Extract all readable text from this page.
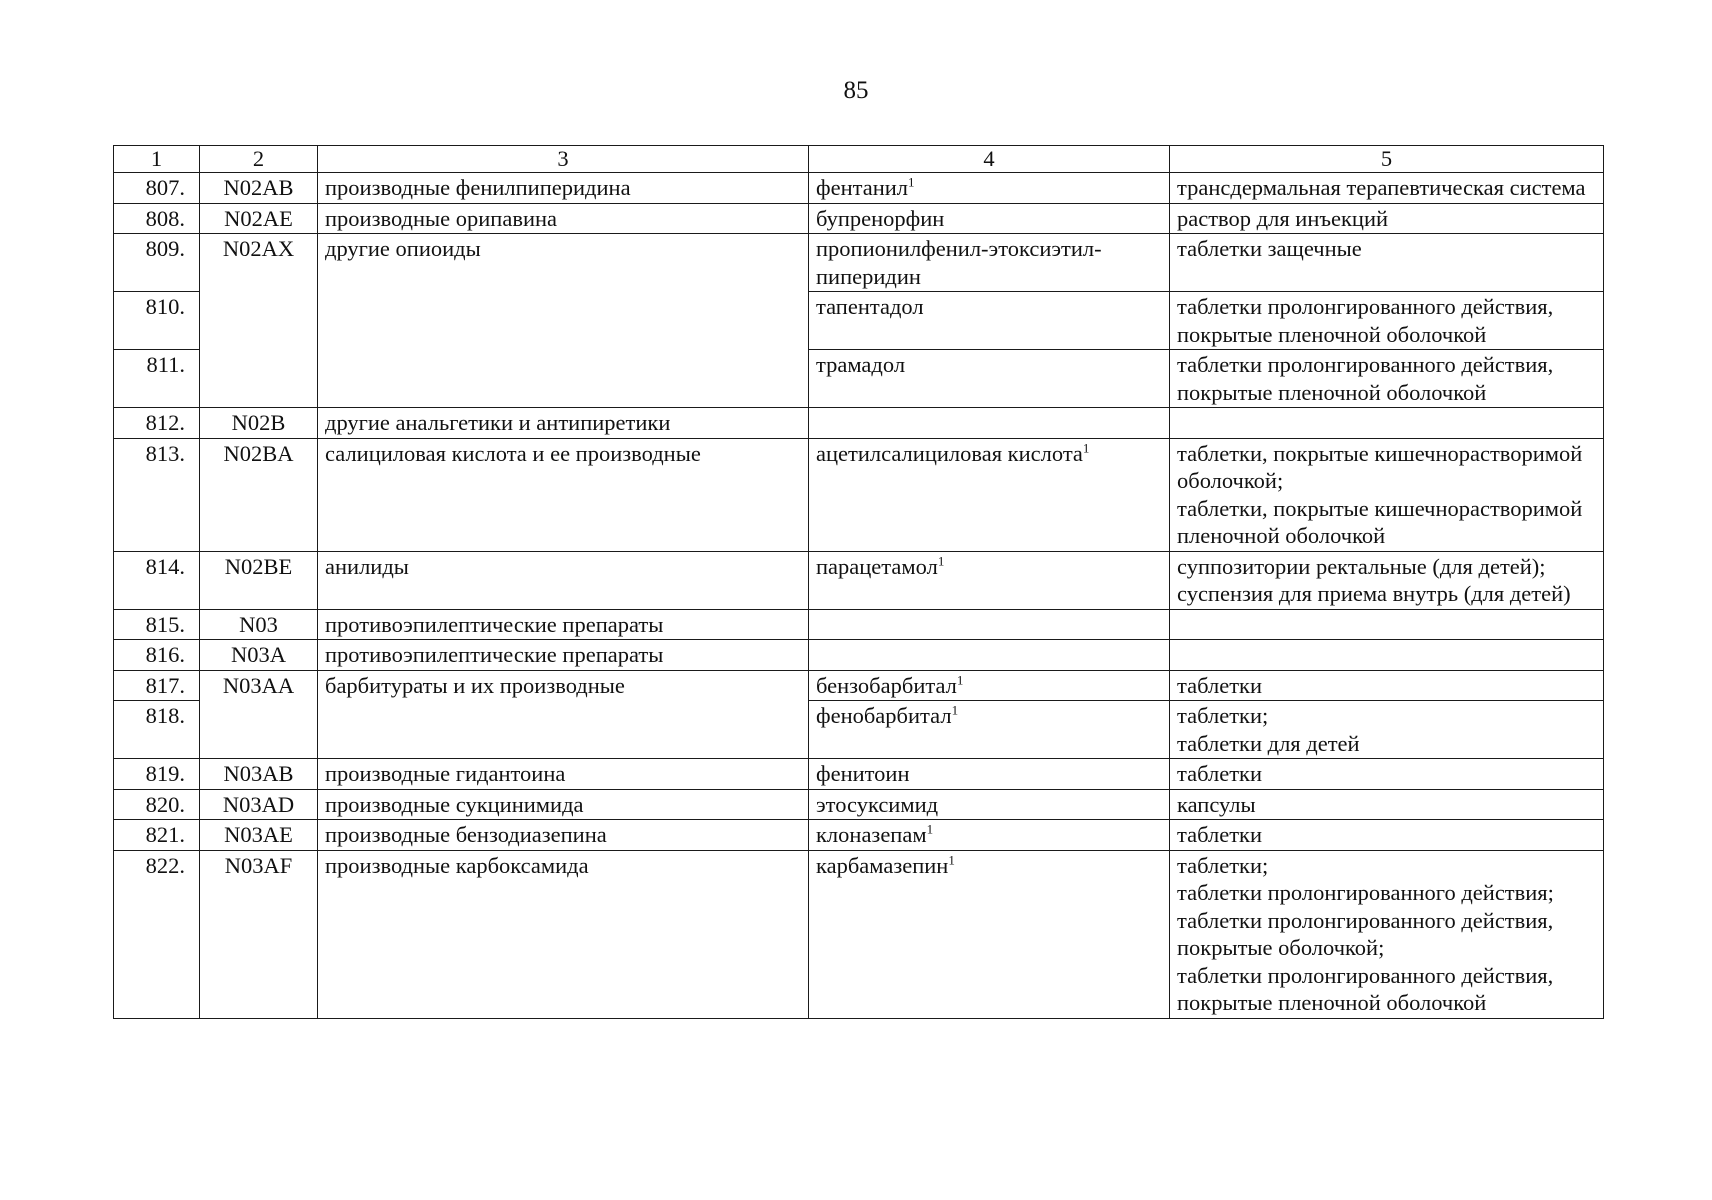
85
1	2	3	4	5
807.	N02AB	производные фенилпиперидина	фентанил$^1$	трансдермальная терапевтическая система

808.	N02AE	производные орипавина	бупренорфин	раствор для инъекций

809.	N02AX	другие опиоиды	пропионилфенил-этоксиэтил-пиперидин	таблетки защечные

810.			тапентадол	таблетки пролонгированного действия, покрытые пленочной оболочкой

811.			трамадол	таблетки пролонгированного действия, покрытые пленочной оболочкой

812.	N02B	другие анальгетики и антипиретики		
813.	N02BA	салициловая кислота и ее производные	ацетилсалициловая кислота$^1$	таблетки, покрытые кишечнорастворимой оболочкой;
таблетки, покрытые кишечнорастворимой пленочной оболочкой

814.	N02BE	анилиды	парацетамол$^1$	суппозитории ректальные (для детей);
суспензия для приема внутрь (для детей)

815.	N03	противоэпилептические препараты		
816.	N03A	противоэпилептические препараты		
817.	N03AA	барбитураты и их производные	бензобарбитал$^1$	таблетки

818.			фенобарбитал$^1$	таблетки;
таблетки для детей

819.	N03AB	производные гидантоина	фенитоин	таблетки

820.	N03AD	производные сукцинимида	этосуксимид	капсулы

821.	N03AE	производные бензодиазепина	клоназепам$^1$	таблетки

822.	N03AF	производные карбоксамида	карбамазепин$^1$	таблетки;
таблетки пролонгированного действия;
таблетки пролонгированного действия, покрытые оболочкой;
таблетки пролонгированного действия, покрытые пленочной оболочкой
